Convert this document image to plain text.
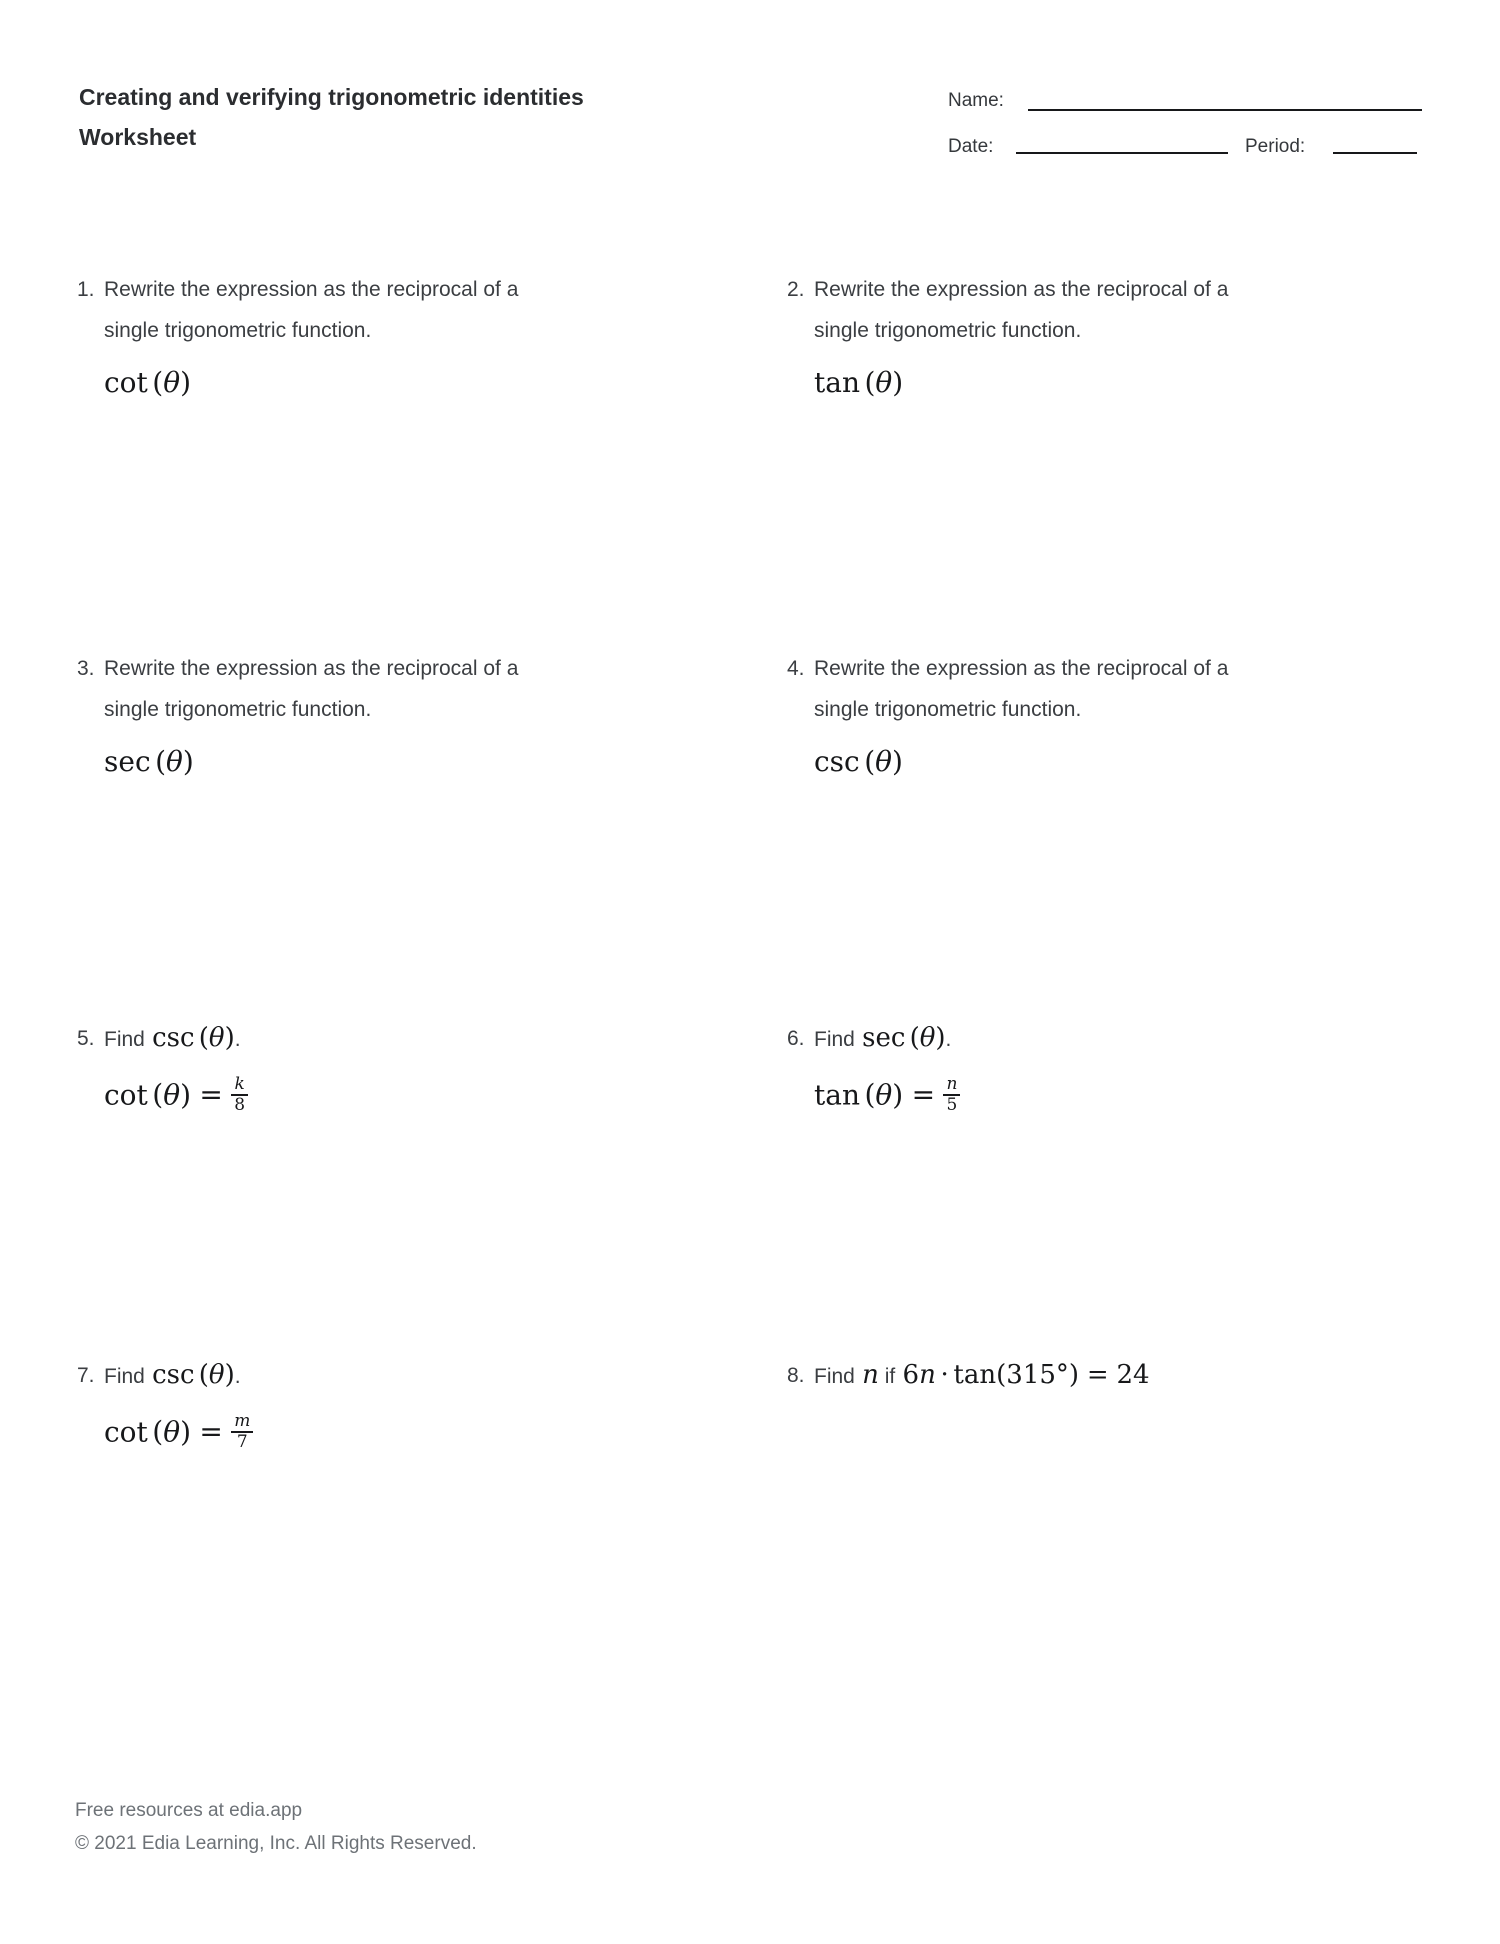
Creating and verifying trigonometric identities
Worksheet
Name:
Date:	Period:
1. Rewrite the expression as the reciprocal of a
single trigonometric function.
cot (θ)
2. Rewrite the expression as the reciprocal of a
single trigonometric function.
tan (θ)
3. Rewrite the expression as the reciprocal of a
single trigonometric function.
sec (θ)
4. Rewrite the expression as the reciprocal of a
single trigonometric function.
csc (θ)
5. Find csc (θ).
$\cot (\theta) = \frac{k}{8}$
6. Find sec (θ).
$\tan (\theta) = \frac{n}{5}$
7. Find csc (θ).
$\cot (\theta) = \frac{m}{7}$
8. Find n if 6n · tan(315°) = 24
Free resources at edia.app
© 2021 Edia Learning, Inc. All Rights Reserved.
